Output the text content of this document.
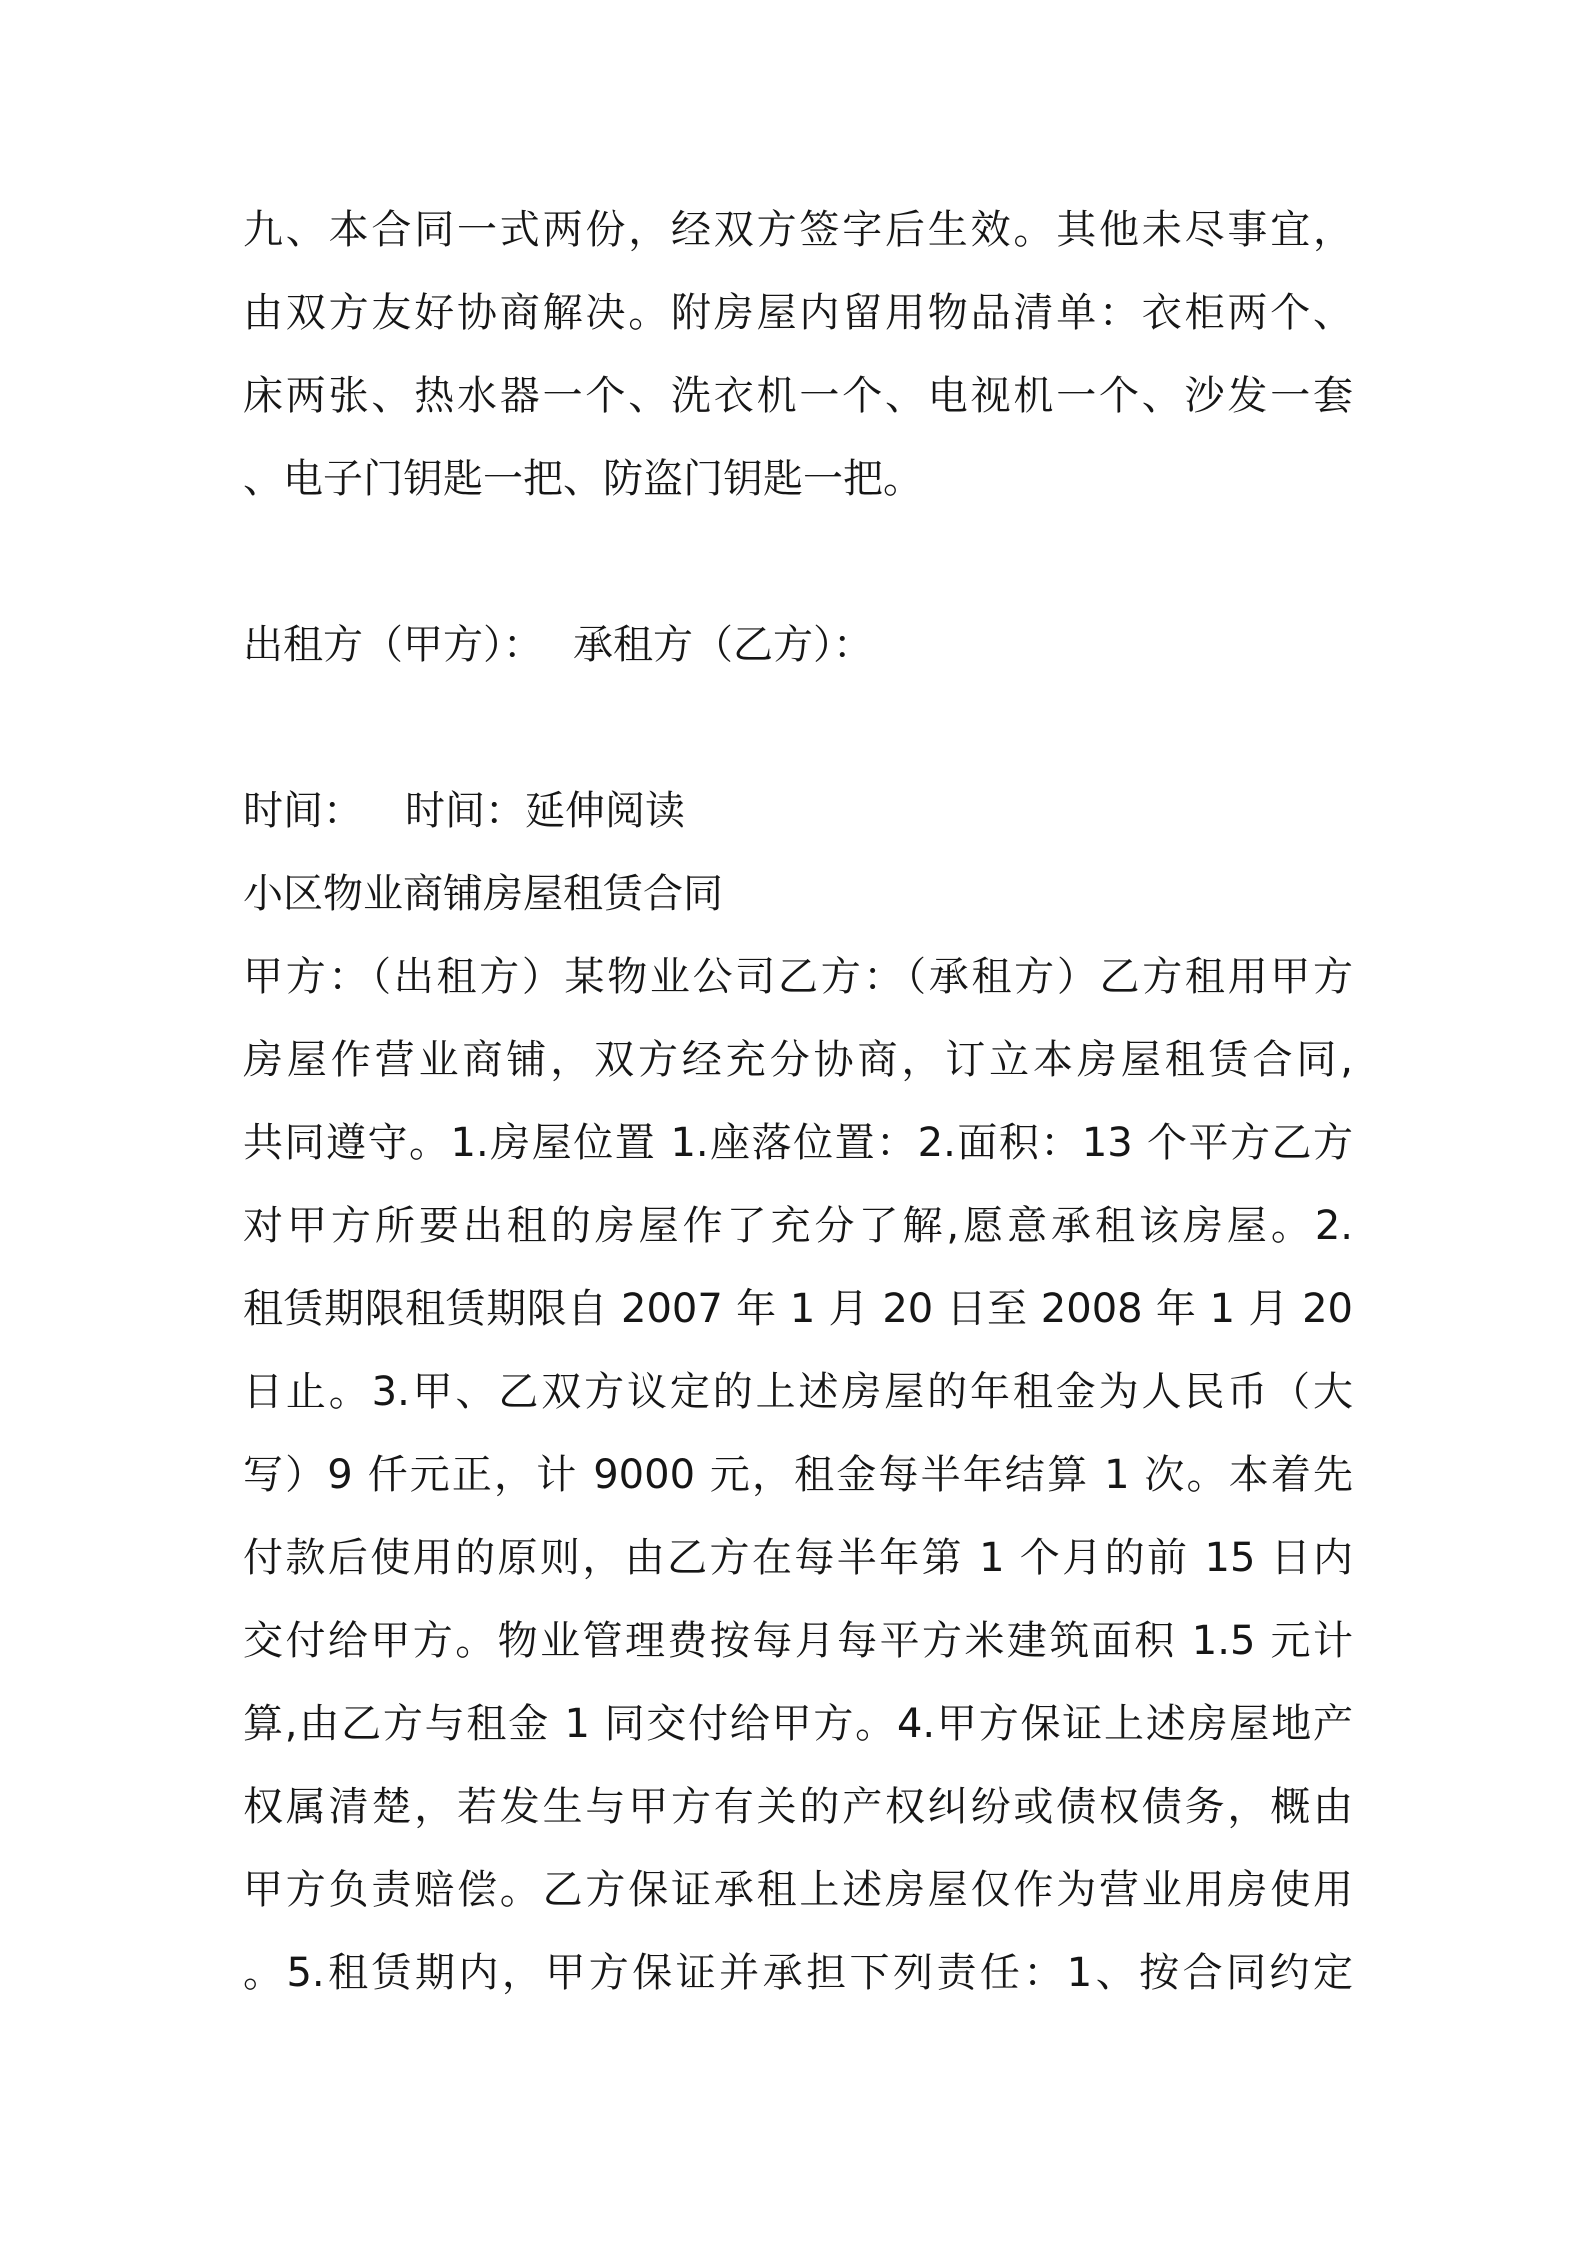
九、本合同一式两份，经双方签字后生效。其他未尽事宜，
由双方友好协商解决。附房屋内留用物品清单：衣柜两个、
床两张、热水器一个、洗衣机一个、电视机一个、沙发一套
、电子门钥匙一把、防盗门钥匙一把。
出租方（甲方）： 承租方（乙方）：
时间： 时间：延伸阅读
小区物业商铺房屋租赁合同
甲方：（出租方）某物业公司乙方：（承租方）乙方租用甲方
房屋作营业商铺，双方经充分协商，订立本房屋租赁合同,
共同遵守。1.房屋位置 1.座落位置：2.面积：13 个平方乙方
对甲方所要出租的房屋作了充分了解,愿意承租该房屋。2.
租赁期限租赁期限自 2007 年 1 月 20 日至 2008 年 1 月 20
日止。3.甲、乙双方议定的上述房屋的年租金为人民币（大
写）9 仟元正，计 9000 元，租金每半年结算 1 次。本着先
付款后使用的原则，由乙方在每半年第 1 个月的前 15 日内
交付给甲方。物业管理费按每月每平方米建筑面积 1.5 元计
算,由乙方与租金 1 同交付给甲方。4.甲方保证上述房屋地产
权属清楚，若发生与甲方有关的产权纠纷或债权债务，概由
甲方负责赔偿。乙方保证承租上述房屋仅作为营业用房使用
。5.租赁期内，甲方保证并承担下列责任：1、按合同约定
